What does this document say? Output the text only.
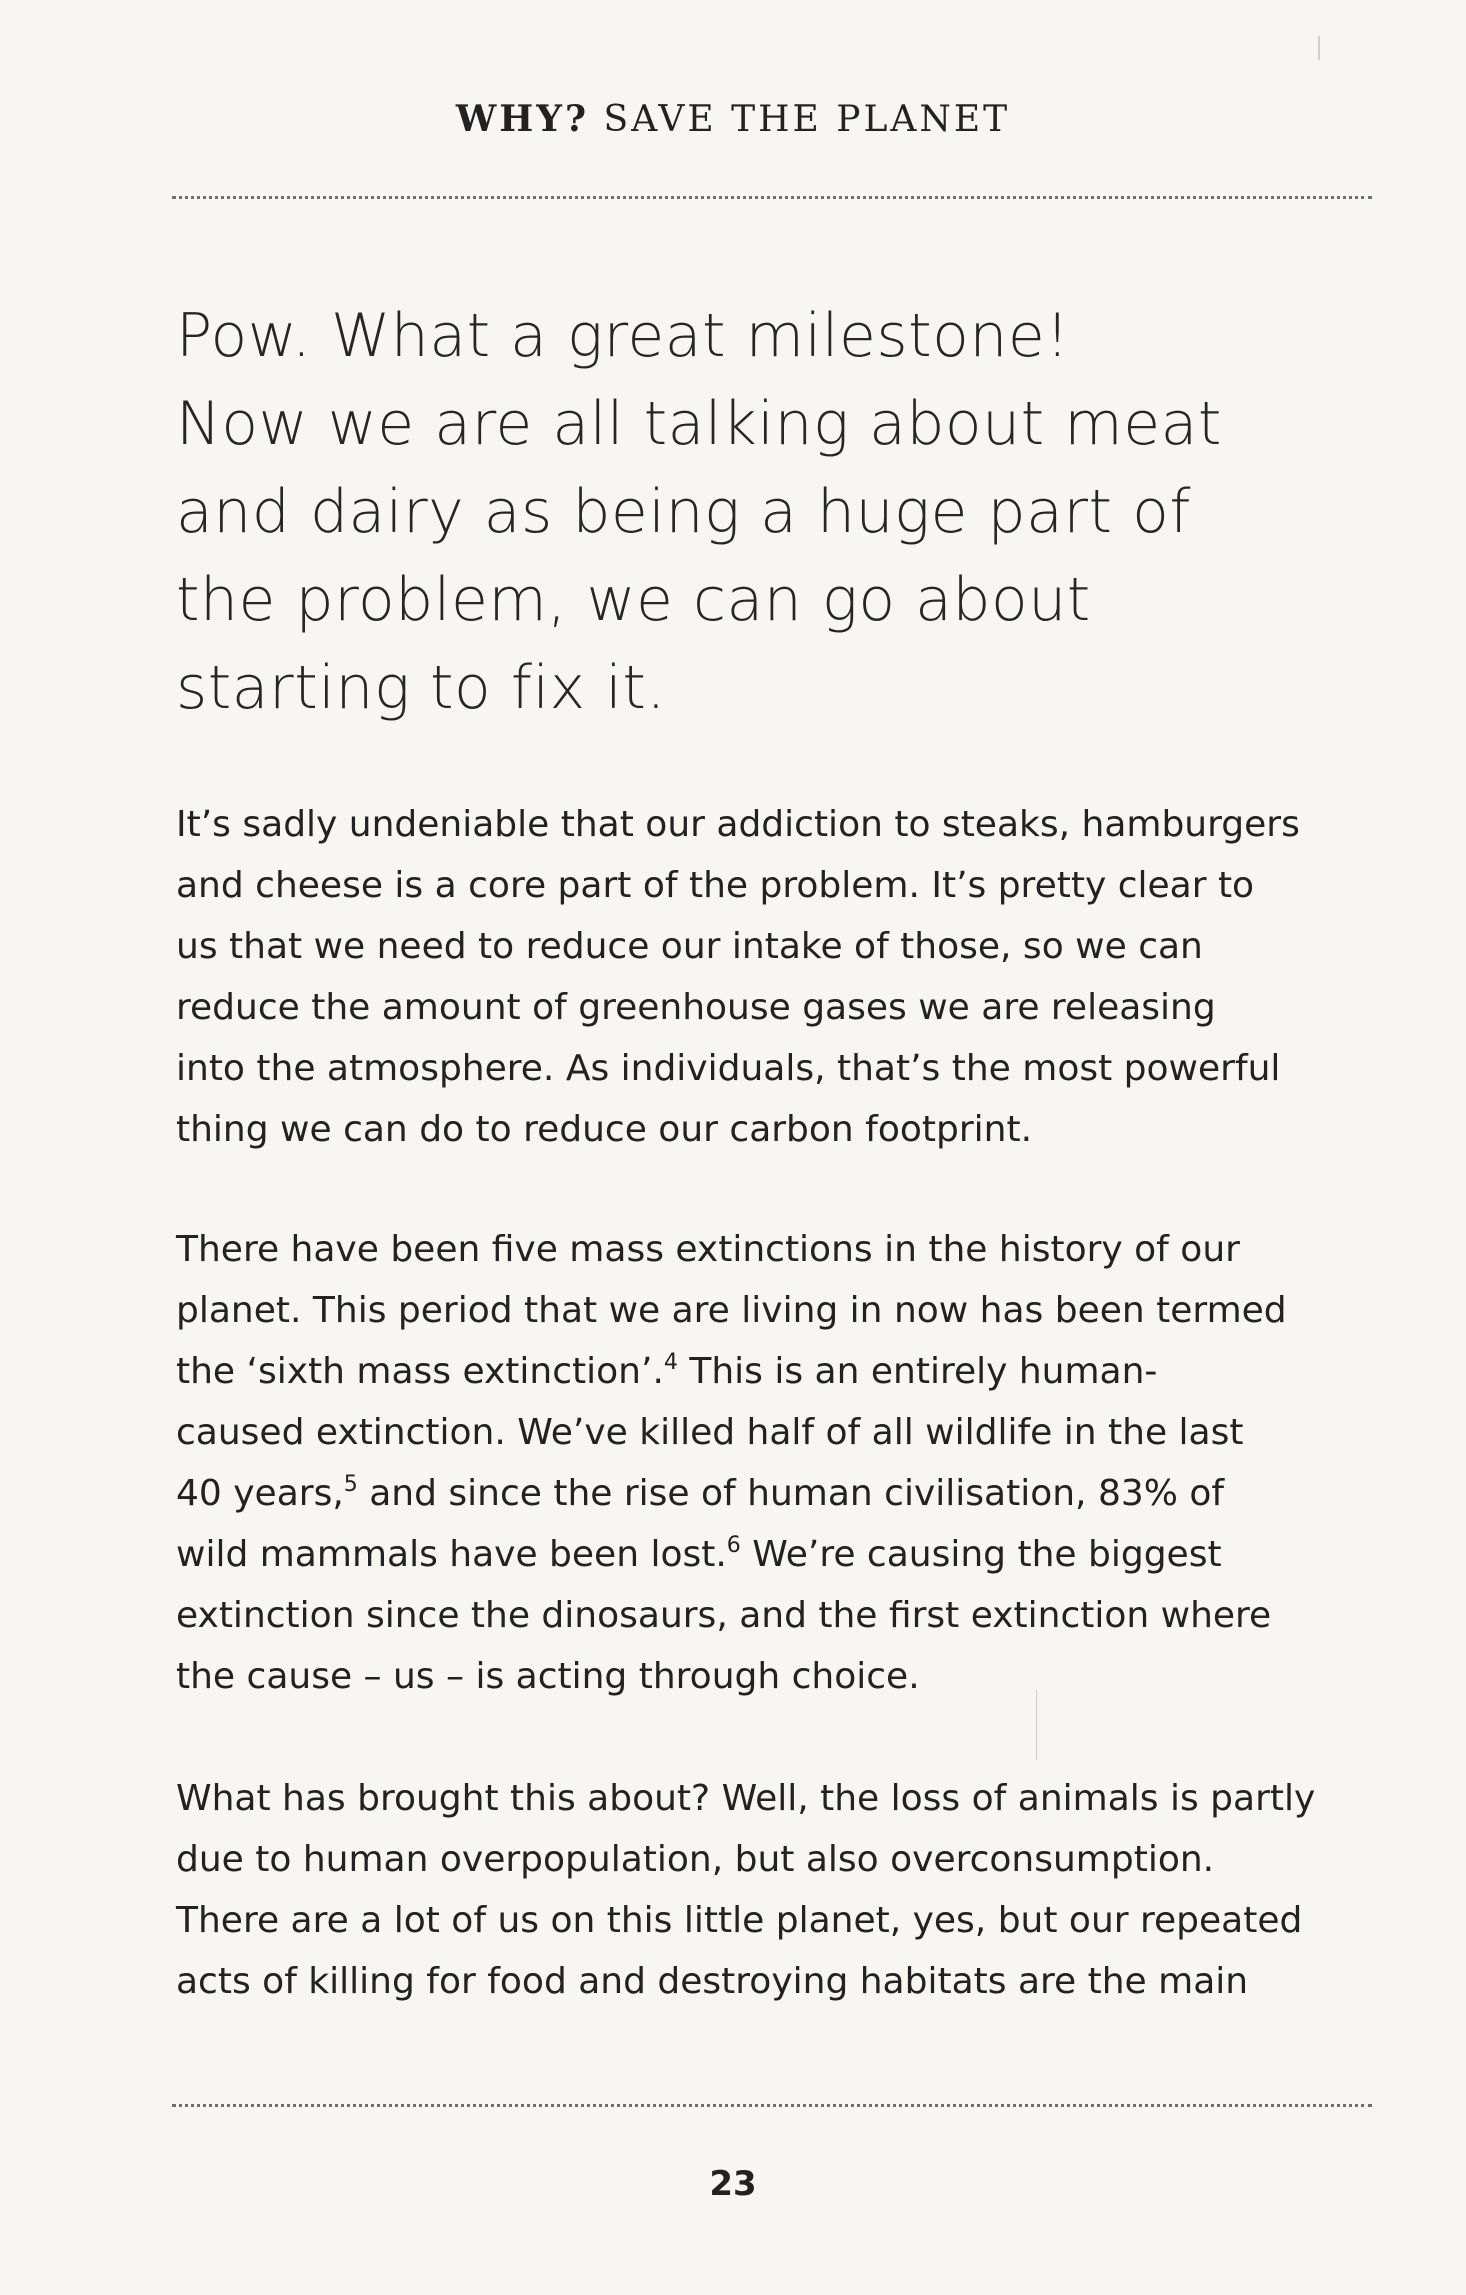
WHY? SAVE THE PLANET
Pow. What a great milestone!
Now we are all talking about meat
and dairy as being a huge part of
the problem, we can go about
starting to fix it.
It’s sadly undeniable that our addiction to steaks, hamburgers
and cheese is a core part of the problem. It’s pretty clear to
us that we need to reduce our intake of those, so we can
reduce the amount of greenhouse gases we are releasing
into the atmosphere. As individuals, that’s the most powerful
thing we can do to reduce our carbon footprint.
There have been five mass extinctions in the history of our
planet. This period that we are living in now has been termed
the ‘sixth mass extinction’.$^4$ This is an entirely human-
caused extinction. We’ve killed half of all wildlife in the last
40 years,$^5$ and since the rise of human civilisation, 83% of
wild mammals have been lost.$^6$ We’re causing the biggest
extinction since the dinosaurs, and the first extinction where
the cause – us – is acting through choice.
What has brought this about? Well, the loss of animals is partly
due to human overpopulation, but also overconsumption.
There are a lot of us on this little planet, yes, but our repeated
acts of killing for food and destroying habitats are the main
23
